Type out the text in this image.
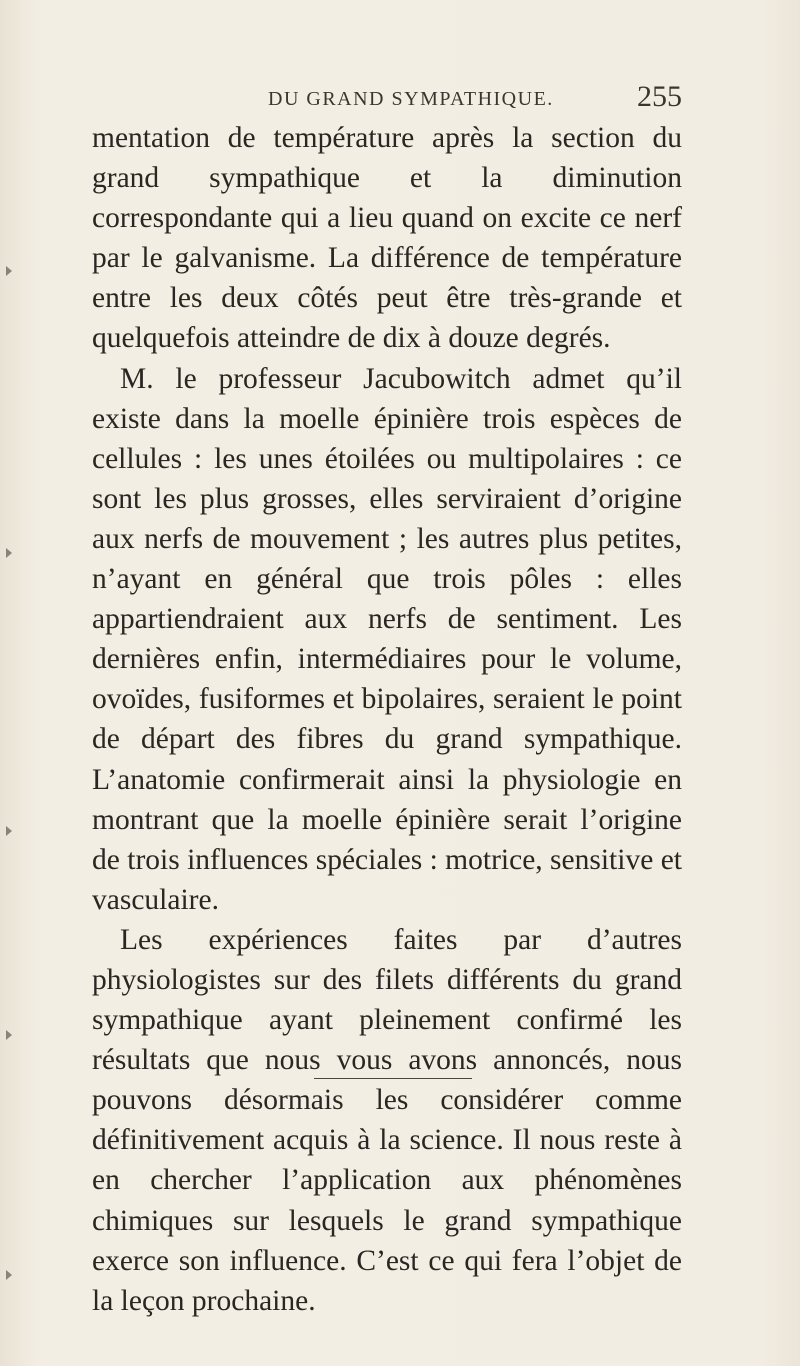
DU GRAND SYMPATHIQUE.	255

mentation de température après la section du grand sympathique et la diminution correspondante qui a lieu quand on excite ce nerf par le galvanisme. La différence de température entre les deux côtés peut être très-grande et quelquefois atteindre de dix à douze degrés.

M. le professeur Jacubowitch admet qu’il existe dans la moelle épinière trois espèces de cellules : les unes étoilées ou multipolaires : ce sont les plus grosses, elles serviraient d’origine aux nerfs de mouvement ; les autres plus petites, n’ayant en général que trois pôles : elles appartiendraient aux nerfs de sentiment. Les dernières enfin, intermédiaires pour le volume, ovoïdes, fusiformes et bipolaires, seraient le point de départ des fibres du grand sympathique. L’anatomie confirmerait ainsi la physiologie en montrant que la moelle épinière serait l’origine de trois influences spéciales : motrice, sensitive et vasculaire.

Les expériences faites par d’autres physiologistes sur des filets différents du grand sympathique ayant pleinement confirmé les résultats que nous vous avons annoncés, nous pouvons désormais les considérer comme définitivement acquis à la science. Il nous reste à en chercher l’application aux phénomènes chimiques sur lesquels le grand sympathique exerce son influence. C’est ce qui fera l’objet de la leçon prochaine.
